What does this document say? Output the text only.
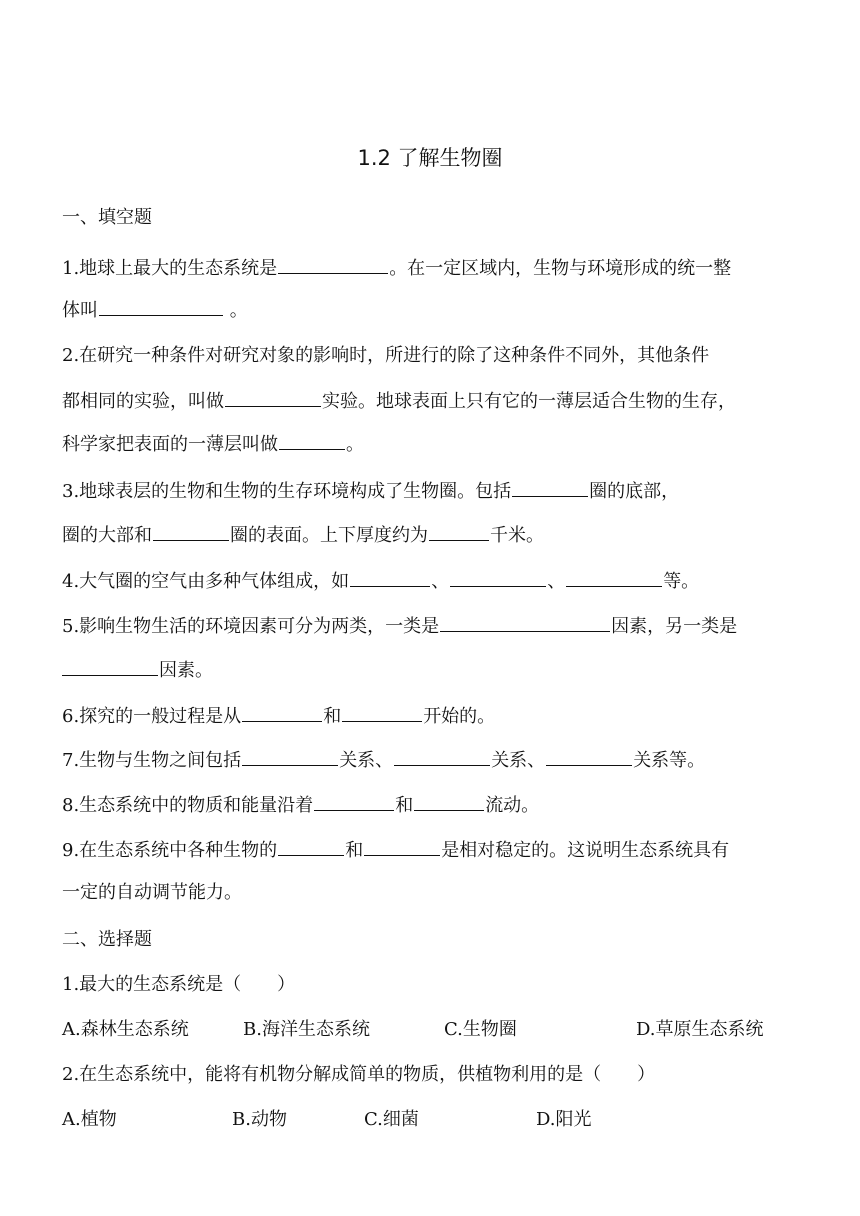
1.2 了解生物圈
一、填空题
1.地球上最大的生态系统是	。在一定区域内，生物与环境形成的统一整
体叫	。
2.在研究一种条件对研究对象的影响时，所进行的除了这种条件不同外，其他条件
都相同的实验，叫做	实验。地球表面上只有它的一薄层适合生物的生存，
科学家把表面的一薄层叫做	。
3.地球表层的生物和生物的生存环境构成了生物圈。包括	圈的底部，
圈的大部和	圈的表面。上下厚度约为	千米。
4.大气圈的空气由多种气体组成，如	、	、	等。
5.影响生物生活的环境因素可分为两类，一类是	因素，另一类是
因素。
6.探究的一般过程是从	和	开始的。
7.生物与生物之间包括	关系、	关系、	关系等。
8.生态系统中的物质和能量沿着	和	流动。
9.在生态系统中各种生物的	和	是相对稳定的。这说明生态系统具有
一定的自动调节能力。
二、选择题
1.最大的生态系统是（　　）
A.森林生态系统	B.海洋生态系统	C.生物圈	D.草原生态系统
2.在生态系统中，能将有机物分解成简单的物质，供植物利用的是（　　）
A.植物	B.动物	C.细菌	D.阳光
